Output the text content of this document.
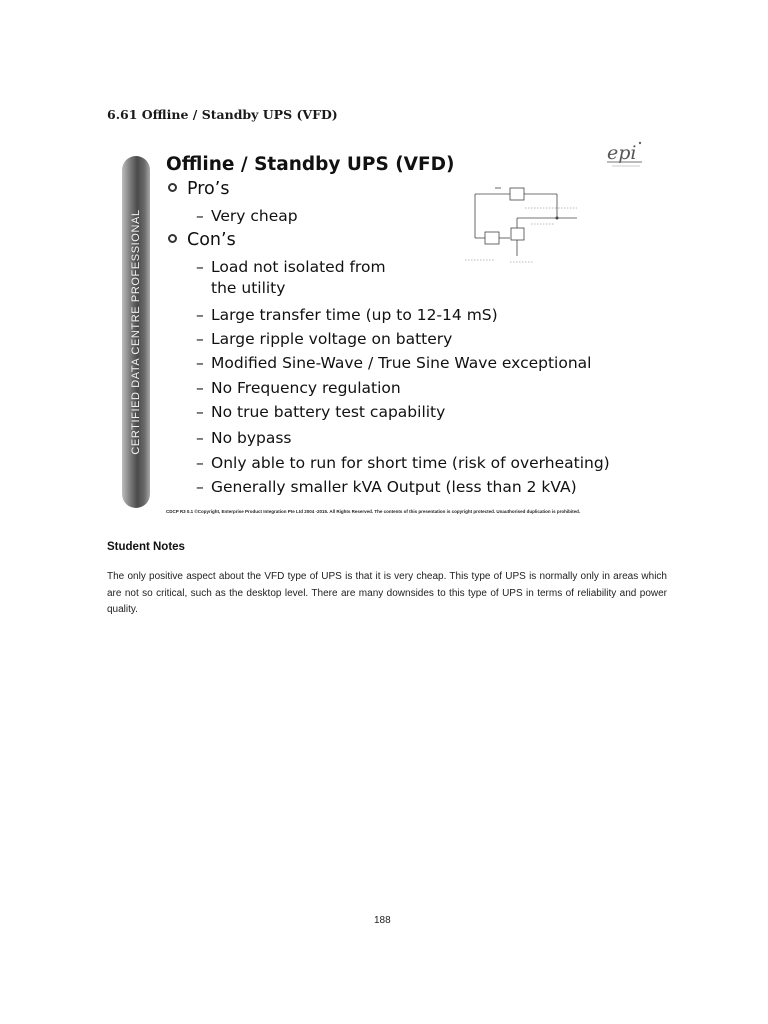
6.61 Offline / Standby UPS (VFD)
CERTIFIED DATA CENTRE PROFESSIONAL
Offline / Standby UPS (VFD)
epi
Pro’s
– Very cheap
Con’s
– Load not isolated from
the utility
– Large transfer time (up to 12-14 mS)
– Large ripple voltage on battery
– Modified Sine-Wave / True Sine Wave exceptional
– No Frequency regulation
– No true battery test capability
– No bypass
– Only able to run for short time (risk of overheating)
– Generally smaller kVA Output (less than 2 kVA)
CDCP R3 0.1 ©Copyright, Enterprise Product Integration Pte Ltd 2004 -2015. All Rights Reserved. The contents of this presentation is copyright protected. Unauthorised duplication is prohibited.
Student Notes
The only positive aspect about the VFD type of UPS is that it is very cheap. This type of UPS is normally only in areas which are not so critical, such as the desktop level. There are many downsides to this type of UPS in terms of reliability and power quality.
188
